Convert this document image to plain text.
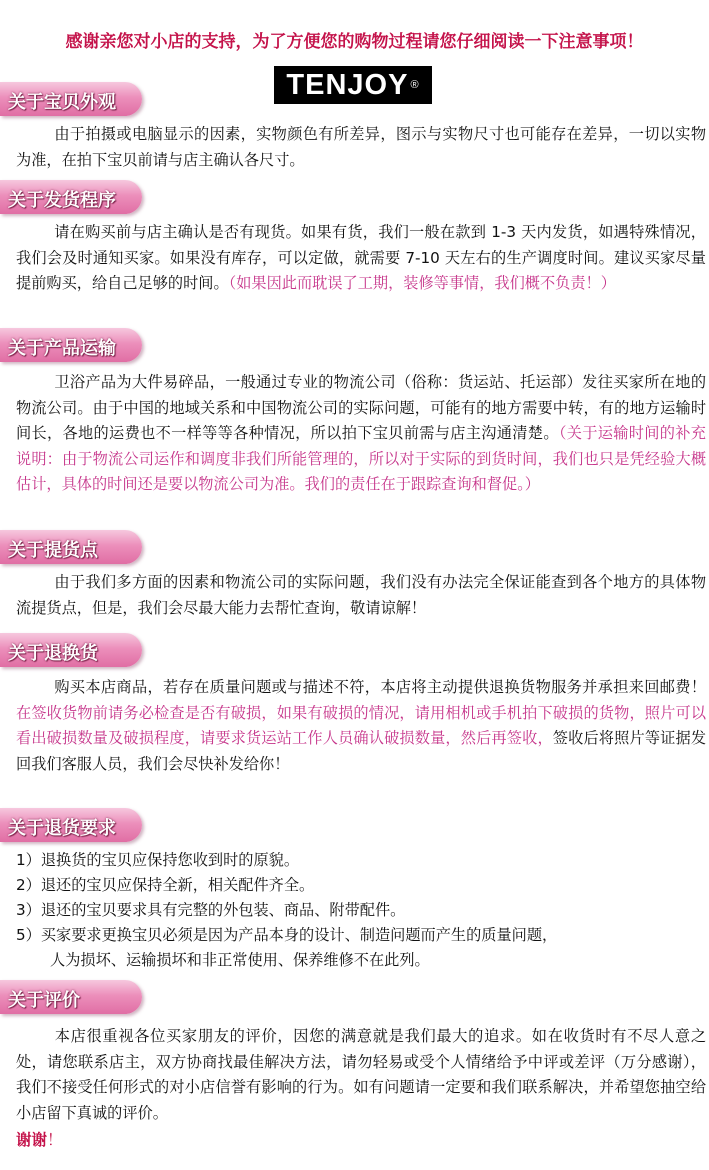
感谢亲您对小店的支持，为了方便您的购物过程请您仔细阅读一下注意事项！
TENJOY ®
关于宝贝外观
由于拍摄或电脑显示的因素，实物颜色有所差异，图示与实物尺寸也可能存在差异，一切以实物为准，在拍下宝贝前请与店主确认各尺寸。
关于发货程序
请在购买前与店主确认是否有现货。如果有货，我们一般在款到 1-3 天内发货，如遇特殊情况，我们会及时通知买家。如果没有库存，可以定做，就需要 7-10 天左右的生产调度时间。建议买家尽量提前购买，给自己足够的时间。（如果因此而耽误了工期，装修等事情，我们概不负责！）
关于产品运输
卫浴产品为大件易碎品，一般通过专业的物流公司（俗称：货运站、托运部）发往买家所在地的物流公司。由于中国的地域关系和中国物流公司的实际问题，可能有的地方需要中转，有的地方运输时间长，各地的运费也不一样等等各种情况，所以拍下宝贝前需与店主沟通清楚。（关于运输时间的补充说明：由于物流公司运作和调度非我们所能管理的，所以对于实际的到货时间，我们也只是凭经验大概估计，具体的时间还是要以物流公司为准。我们的责任在于跟踪查询和督促。）
关于提货点
由于我们多方面的因素和物流公司的实际问题，我们没有办法完全保证能查到各个地方的具体物流提货点，但是，我们会尽最大能力去帮忙查询，敬请谅解！
关于退换货
购买本店商品，若存在质量问题或与描述不符，本店将主动提供退换货物服务并承担来回邮费！在签收货物前请务必检查是否有破损，如果有破损的情况，请用相机或手机拍下破损的货物，照片可以看出破损数量及破损程度，请要求货运站工作人员确认破损数量，然后再签收，签收后将照片等证据发回我们客服人员，我们会尽快补发给你！
关于退货要求
1）退换货的宝贝应保持您收到时的原貌。
2）退还的宝贝应保持全新，相关配件齐全。
3）退还的宝贝要求具有完整的外包装、商品、附带配件。
5）买家要求更换宝贝必须是因为产品本身的设计、制造问题而产生的质量问题，
人为损坏、运输损坏和非正常使用、保养维修不在此列。
关于评价
本店很重视各位买家朋友的评价，因您的满意就是我们最大的追求。如在收货时有不尽人意之处，请您联系店主，双方协商找最佳解决方法，请勿轻易或受个人情绪给予中评或差评（万分感谢），我们不接受任何形式的对小店信誉有影响的行为。如有问题请一定要和我们联系解决，并希望您抽空给小店留下真诚的评价。
谢谢！
